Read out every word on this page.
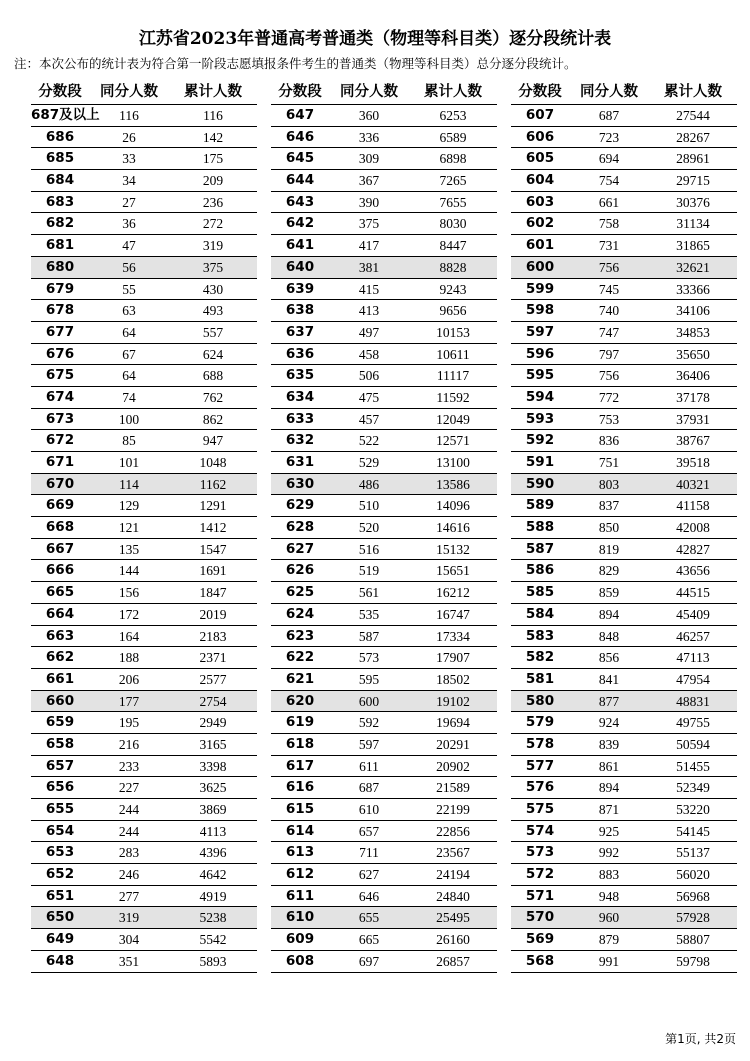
江苏省2023年普通高考普通类（物理等科目类）逐分段统计表
注：本次公布的统计表为符合第一阶段志愿填报条件考生的普通类（物理等科目类）总分逐分段统计。
分数段	同分人数	累计人数
687及以上	116	116
686	26	142
685	33	175
684	34	209
683	27	236
682	36	272
681	47	319
680	56	375
679	55	430
678	63	493
677	64	557
676	67	624
675	64	688
674	74	762
673	100	862
672	85	947
671	101	1048
670	114	1162
669	129	1291
668	121	1412
667	135	1547
666	144	1691
665	156	1847
664	172	2019
663	164	2183
662	188	2371
661	206	2577
660	177	2754
659	195	2949
658	216	3165
657	233	3398
656	227	3625
655	244	3869
654	244	4113
653	283	4396
652	246	4642
651	277	4919
650	319	5238
649	304	5542
648	351	5893
分数段	同分人数	累计人数
647	360	6253
646	336	6589
645	309	6898
644	367	7265
643	390	7655
642	375	8030
641	417	8447
640	381	8828
639	415	9243
638	413	9656
637	497	10153
636	458	10611
635	506	11117
634	475	11592
633	457	12049
632	522	12571
631	529	13100
630	486	13586
629	510	14096
628	520	14616
627	516	15132
626	519	15651
625	561	16212
624	535	16747
623	587	17334
622	573	17907
621	595	18502
620	600	19102
619	592	19694
618	597	20291
617	611	20902
616	687	21589
615	610	22199
614	657	22856
613	711	23567
612	627	24194
611	646	24840
610	655	25495
609	665	26160
608	697	26857
分数段	同分人数	累计人数
607	687	27544
606	723	28267
605	694	28961
604	754	29715
603	661	30376
602	758	31134
601	731	31865
600	756	32621
599	745	33366
598	740	34106
597	747	34853
596	797	35650
595	756	36406
594	772	37178
593	753	37931
592	836	38767
591	751	39518
590	803	40321
589	837	41158
588	850	42008
587	819	42827
586	829	43656
585	859	44515
584	894	45409
583	848	46257
582	856	47113
581	841	47954
580	877	48831
579	924	49755
578	839	50594
577	861	51455
576	894	52349
575	871	53220
574	925	54145
573	992	55137
572	883	56020
571	948	56968
570	960	57928
569	879	58807
568	991	59798
第1页, 共2页
